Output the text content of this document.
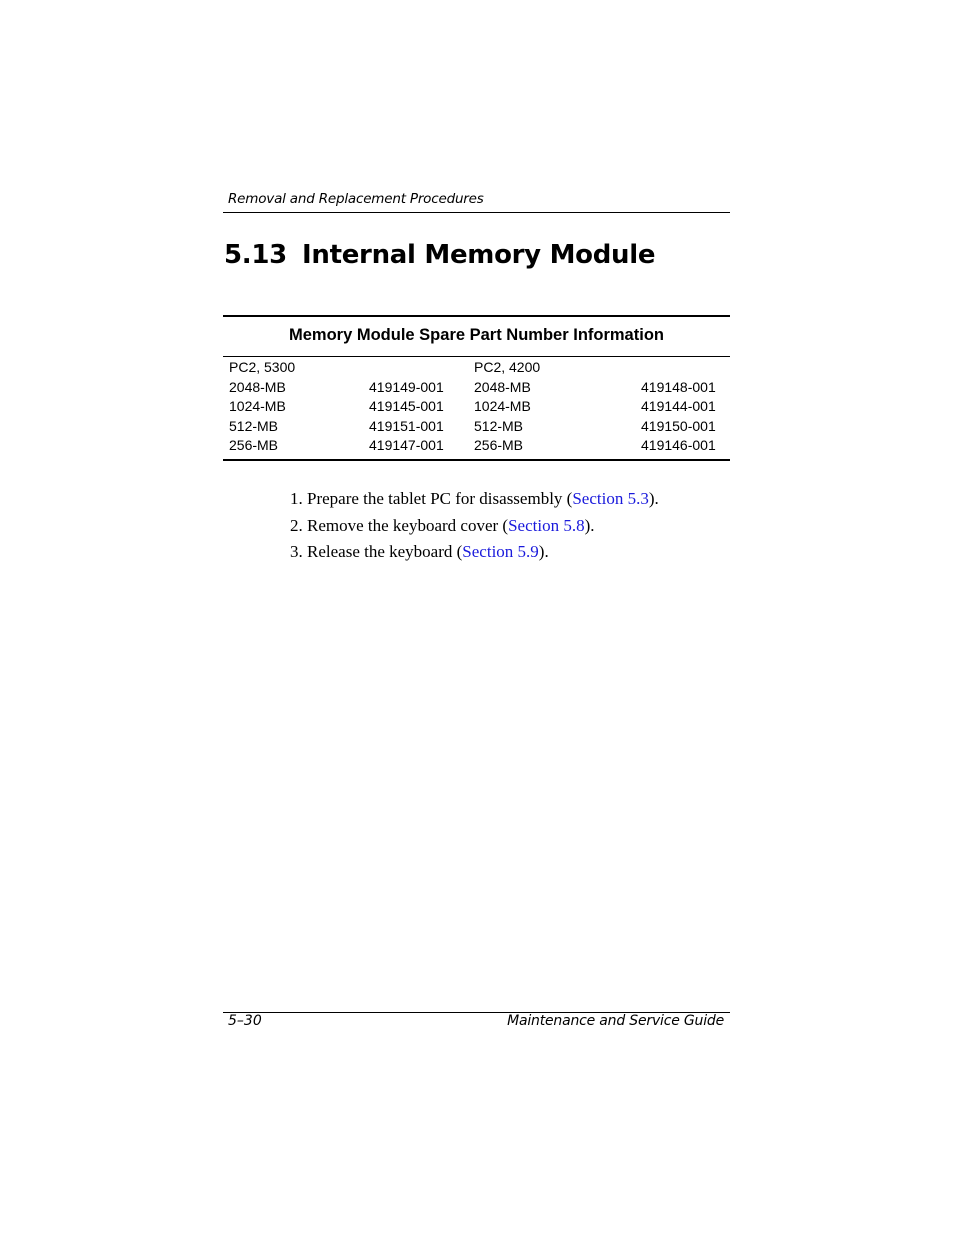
Removal and Replacement Procedures
5.13 Internal Memory Module
Memory Module Spare Part Number Information
PC2, 5300		PC2, 4200	
2048-MB	419149-001	2048-MB	419148-001
1024-MB	419145-001	1024-MB	419144-001
512-MB	419151-001	512-MB	419150-001
256-MB	419147-001	256-MB	419146-001
1. Prepare the tablet PC for disassembly (Section 5.3).
2. Remove the keyboard cover (Section 5.8).
3. Release the keyboard (Section 5.9).
5–30	Maintenance and Service Guide
